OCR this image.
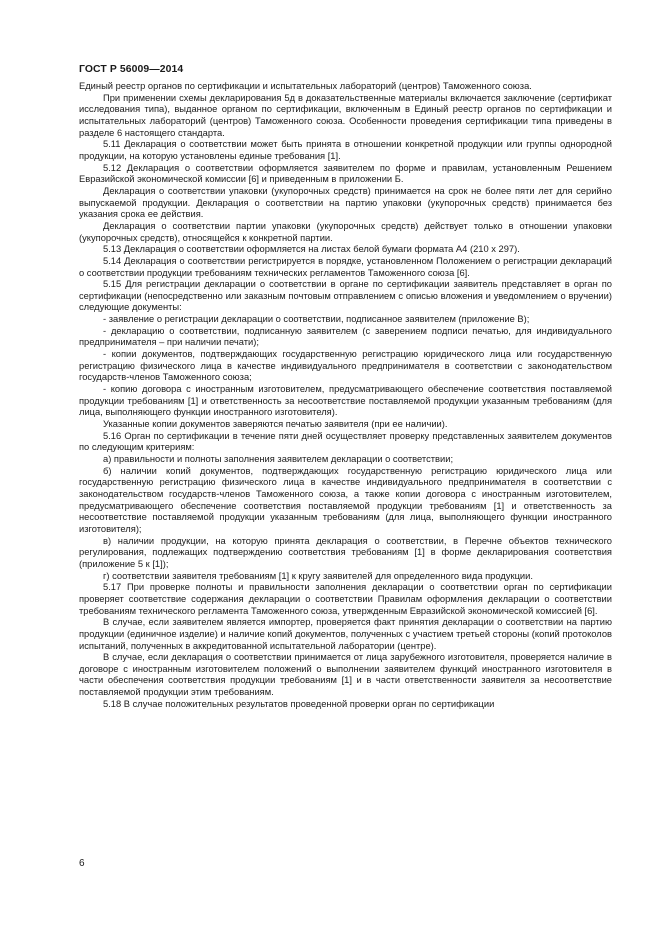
ГОСТ Р 56009—2014

Единый реестр органов по сертификации и испытательных лабораторий (центров) Таможенного союза.

При применении схемы декларирования 5д в доказательственные материалы включается заключение (сертификат исследования типа), выданное органом по сертификации, включенным в Единый реестр органов по сертификации и испытательных лабораторий (центров) Таможенного союза. Особенности проведения сертификации типа приведены в разделе 6 настоящего стандарта.

5.11 Декларация о соответствии может быть принята в отношении конкретной продукции или группы однородной продукции, на которую установлены единые требования [1].

5.12 Декларация о соответствии оформляется заявителем по форме и правилам, установленным Решением Евразийской экономической комиссии [6] и приведенным в приложении Б.

Декларация о соответствии упаковки (укупорочных средств) принимается на срок не более пяти лет для серийно выпускаемой продукции. Декларация о соответствии на партию упаковки (укупорочных средств) принимается без указания срока ее действия.

Декларация о соответствии партии упаковки (укупорочных средств) действует только в отношении упаковки (укупорочных средств), относящейся к конкретной партии.

5.13 Декларация о соответствии оформляется на листах белой бумаги формата А4 (210 x 297).

5.14 Декларация о соответствии регистрируется в порядке, установленном Положением о регистрации деклараций о соответствии продукции требованиям технических регламентов Таможенного союза [6].

5.15 Для регистрации декларации о соответствии в органе по сертификации заявитель представляет в орган по сертификации (непосредственно или заказным почтовым отправлением с описью вложения и уведомлением о вручении) следующие документы:

- заявление о регистрации декларации о соответствии, подписанное заявителем (приложение В);

- декларацию о соответствии, подписанную заявителем (с заверением подписи печатью, для индивидуального предпринимателя – при наличии печати);

- копии документов, подтверждающих государственную регистрацию юридического лица или государственную регистрацию физического лица в качестве индивидуального предпринимателя в соответствии с законодательством государств-членов Таможенного союза;

- копию договора с иностранным изготовителем, предусматривающего обеспечение соответствия поставляемой продукции требованиям [1] и ответственность за несоответствие поставляемой продукции указанным требованиям (для лица, выполняющего функции иностранного изготовителя).

Указанные копии документов заверяются печатью заявителя (при ее наличии).

5.16 Орган по сертификации в течение пяти дней осуществляет проверку представленных заявителем документов по следующим критериям:

а) правильности и полноты заполнения заявителем декларации о соответствии;

б) наличии копий документов, подтверждающих государственную регистрацию юридического лица или государственную регистрацию физического лица в качестве индивидуального предпринимателя в соответствии с законодательством государств-членов Таможенного союза, а также копии договора с иностранным изготовителем, предусматривающего обеспечение соответствия поставляемой продукции требованиям [1] и ответственность за несоответствие поставляемой продукции указанным требованиям (для лица, выполняющего функции иностранного изготовителя);

в) наличии продукции, на которую принята декларация о соответствии, в Перечне объектов технического регулирования, подлежащих подтверждению соответствия требованиям [1] в форме декларирования соответствия (приложение 5 к [1]);

г) соответствии заявителя требованиям [1] к кругу заявителей для определенного вида продукции.

5.17 При проверке полноты и правильности заполнения декларации о соответствии орган по сертификации проверяет соответствие содержания декларации о соответствии Правилам оформления декларации о соответствии требованиям технического регламента Таможенного союза, утвержденным Евразийской экономической комиссией [6].

В случае, если заявителем является импортер, проверяется факт принятия декларации о соответствии на партию продукции (единичное изделие) и наличие копий документов, полученных с участием третьей стороны (копий протоколов испытаний, полученных в аккредитованной испытательной лаборатории (центре).

В случае, если декларация о соответствии принимается от лица зарубежного изготовителя, проверяется наличие в договоре с иностранным изготовителем положений о выполнении заявителем функций иностранного изготовителя в части обеспечения соответствия продукции требованиям [1] и в части ответственности заявителя за несоответствие поставляемой продукции этим требованиям.

5.18 В случае положительных результатов проведенной проверки орган по сертификации

6
